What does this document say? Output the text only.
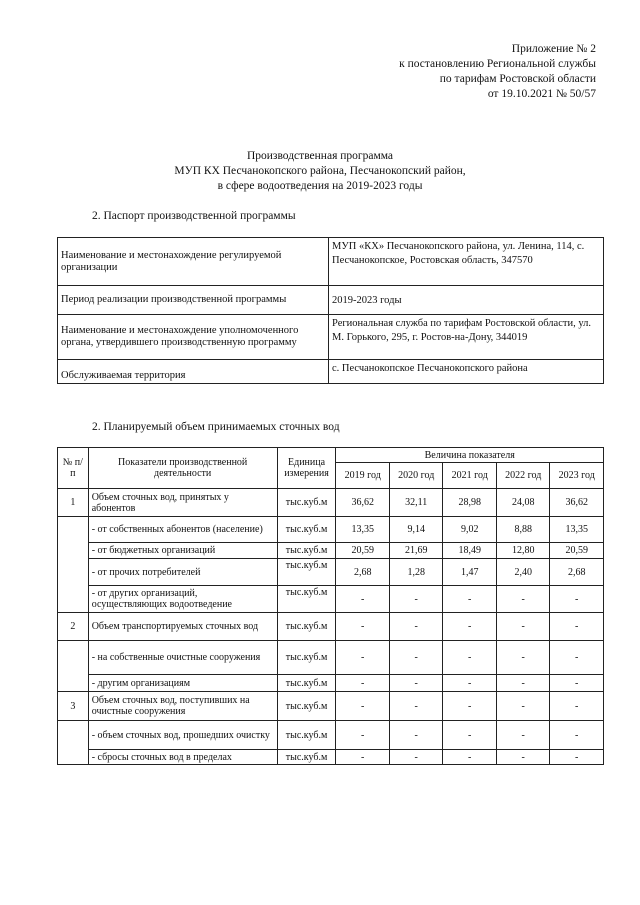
Приложение № 2
к постановлению Региональной службы
по тарифам Ростовской области
от 19.10.2021 № 50/57
Производственная программа
МУП КХ Песчанокопского района, Песчанокопский район,
в сфере водоотведения на 2019-2023 годы
2. Паспорт производственной программы
Наименование и местонахождение регулируемой организации	МУП «КХ» Песчанокопского района, ул. Ленина, 114, с. Песчанокопское, Ростовская область, 347570
Период реализации производственной программы	2019-2023 годы
Наименование и местонахождение уполномоченного органа, утвердившего производственную программу	Региональная служба по тарифам Ростовской области, ул. М. Горького, 295, г. Ростов-на-Дону, 344019
Обслуживаемая территория	с. Песчанокопское Песчанокопского района
2. Планируемый объем принимаемых сточных вод
№ п/п	Показатели производственной деятельности	Единица измерения	Величина показателя				
			2019 год	2020 год	2021 год	2022 год	2023 год
1	Объем сточных вод, принятых у абонентов	тыс.куб.м	36,62	32,11	28,98	24,08	36,62
	- от собственных абонентов (население)	тыс.куб.м	13,35	9,14	9,02	8,88	13,35
	- от бюджетных организаций	тыс.куб.м	20,59	21,69	18,49	12,80	20,59
	- от прочих потребителей	тыс.куб.м	2,68	1,28	1,47	2,40	2,68
	- от других организаций, осуществляющих водоотведение	тыс.куб.м	-	-	-	-	-
2	Объем транспортируемых сточных вод	тыс.куб.м	-	-	-	-	-
	- на собственные очистные сооружения	тыс.куб.м	-	-	-	-	-
	- другим организациям	тыс.куб.м	-	-	-	-	-
3	Объем сточных вод, поступивших на очистные сооружения	тыс.куб.м	-	-	-	-	-
	- объем сточных вод, прошедших очистку	тыс.куб.м	-	-	-	-	-
	- сбросы сточных вод в пределах	тыс.куб.м	-	-	-	-	-
